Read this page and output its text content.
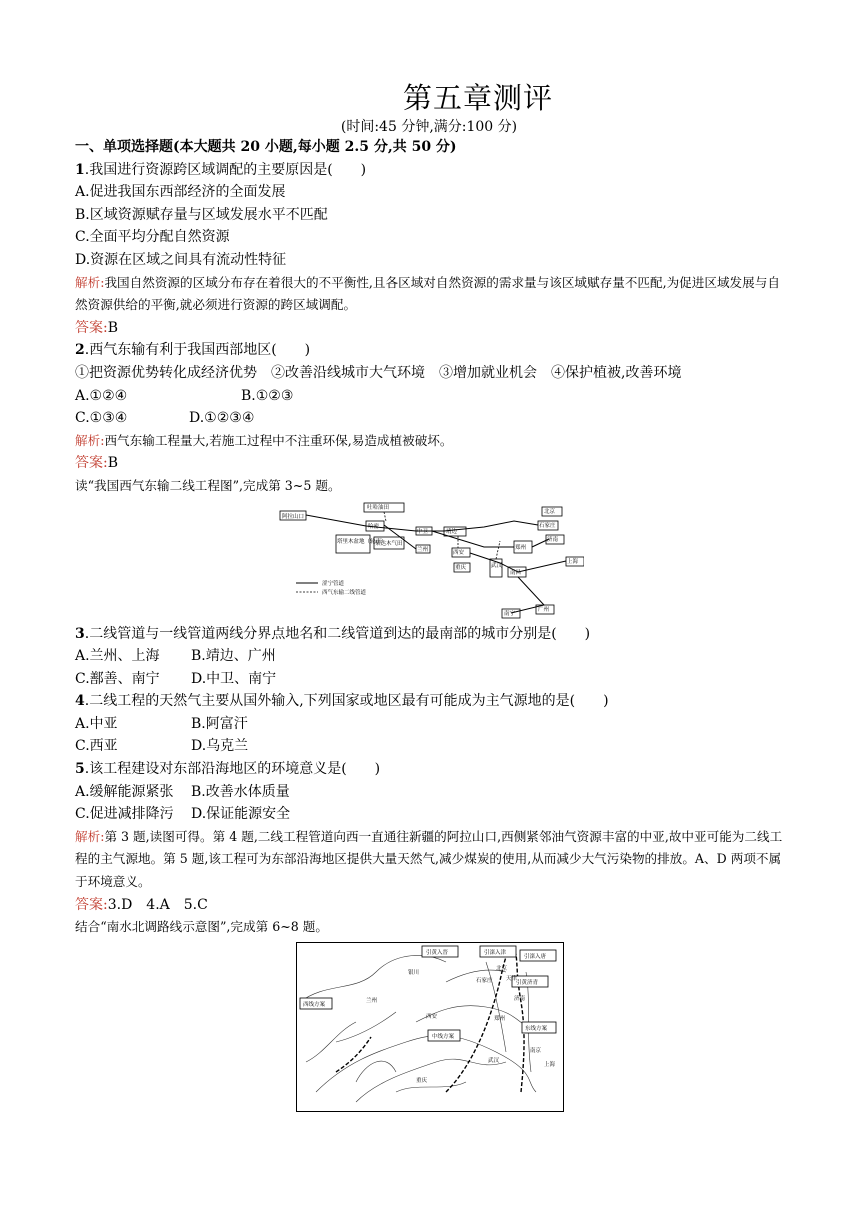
第五章测评
(时间:45 分钟,满分:100 分)
一、单项选择题(本大题共 20 小题,每小题 2.5 分,共 50 分)
1.我国进行资源跨区域调配的主要原因是(　　)
A.促进我国东西部经济的全面发展
B.区域资源赋存量与区域发展水平不匹配
C.全面平均分配自然资源
D.资源在区域之间具有流动性特征
解析:我国自然资源的区域分布存在着很大的不平衡性,且各区域对自然资源的需求量与该区域赋存量不匹配,为促进区域发展与自然资源供给的平衡,就必须进行资源的跨区域调配。
答案:B
2.西气东输有利于我国西部地区(　　)
①把资源优势转化成经济优势　②改善沿线城市大气环境　③增加就业机会　④保护植被,改善环境
A.①②④	B.①②③
C.①③④	D.①②③④
解析:西气东输工程量大,若施工过程中不注重环保,易造成植被破坏。
答案:B
读“我国西气东输二线工程图”,完成第 3~5 题。
阿拉山口
塔里木盆地（轮南）
柴达木气田
吐哈油田
哈密
中卫
兰州
靖边
西安
北京
石家庄
济南
郑州
武汉
南昌
上海
重庆
广州
南宁
涩宁管道
西气东输二线管道
3.二线管道与一线管道两线分界点地名和二线管道到达的最南部的城市分别是(　　)
A.兰州、上海	B.靖边、广州
C.鄯善、南宁	D.中卫、南宁
4.二线工程的天然气主要从国外输入,下列国家或地区最有可能成为主气源地的是(　　)
A.中亚	B.阿富汗
C.西亚	D.乌克兰
5.该工程建设对东部沿海地区的环境意义是(　　)
A.缓解能源紧张	B.改善水体质量
C.促进减排降污	D.保证能源安全
解析:第 3 题,读图可得。第 4 题,二线工程管道向西一直通往新疆的阿拉山口,西侧紧邻油气资源丰富的中亚,故中亚可能为二线工程的主气源地。第 5 题,该工程可为东部沿海地区提供大量天然气,减少煤炭的使用,从而减少大气污染物的排放。A、D 两项不属于环境意义。
答案:3.D　4.A　5.C
结合“南水北调路线示意图”,完成第 6~8 题。
引黄入晋	引滦入津
引滦入唐
引黄济青
西线方案
中线方案
东线方案
北京
天津
石家庄
济南
郑州
西安
兰州
银川
武汉
上海
重庆
南京
